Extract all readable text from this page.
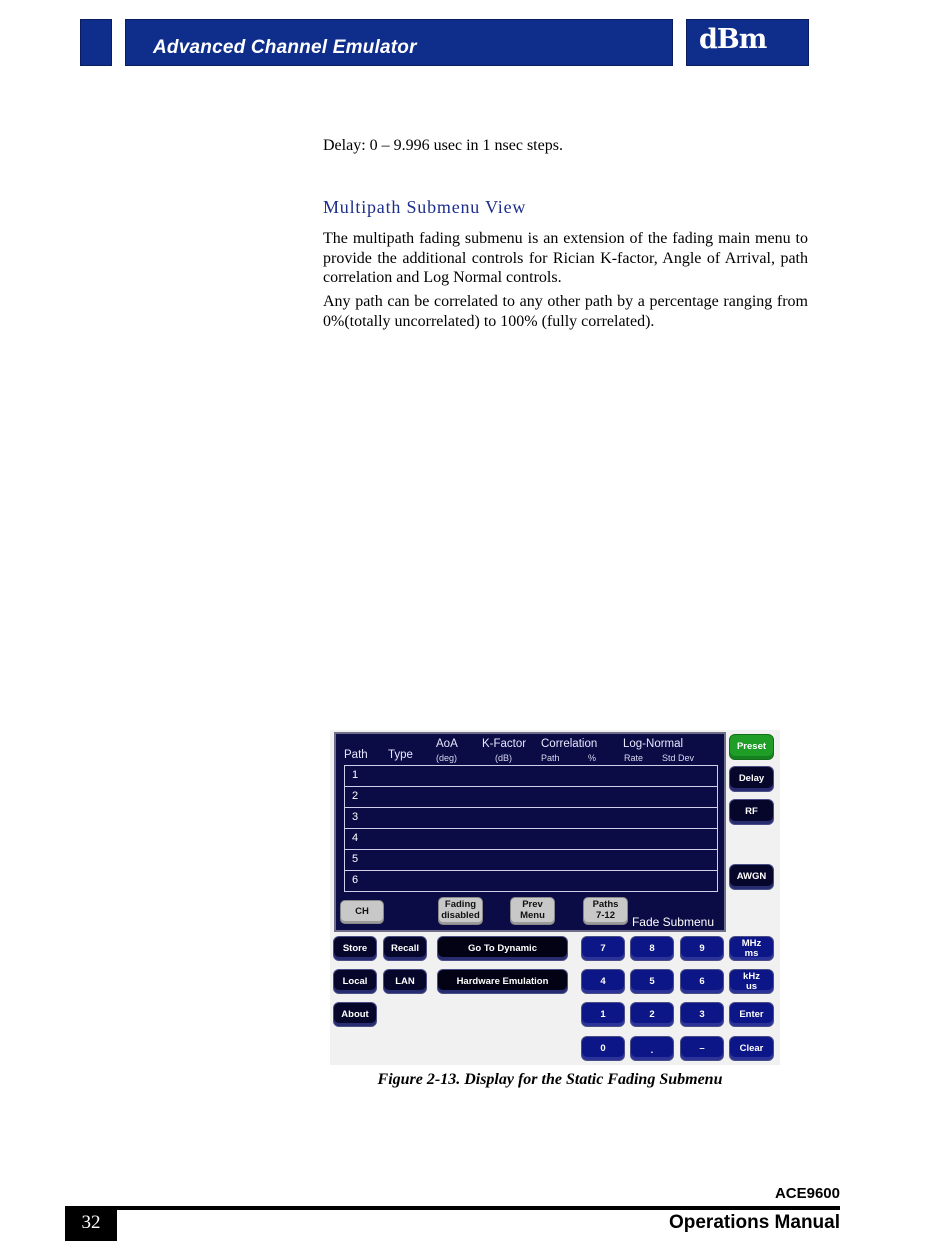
Advanced Channel Emulator	dBm
Delay: 0 – 9.996 usec in 1 nsec steps.
Multipath Submenu View
The multipath fading submenu is an extension of the fading main menu to provide the additional controls for Rician K-factor, Angle of Arrival, path correlation and Log Normal controls.
Any path can be correlated to any other path by a percentage ranging from 0%(totally uncorrelated) to 100% (fully correlated).
Path Type
AoA
(deg)
K-Factor
(dB)
Correlation
Path	%
Log-Normal
Rate Std Dev
1
2
3
4
5
6
CH
Fading
disabled
Prev
Menu
Paths
7-12	Fade Submenu
Preset
Delay
RF
AWGN
Store	Recall
Local	LAN
About
Go To Dynamic
Hardware Emulation
7	8	9
4	5	6
1	2	3
0	.	–
MHz
ms
kHz
us
Enter
Clear
Figure 2-13. Display for the Static Fading Submenu
ACE9600
32	Operations Manual
